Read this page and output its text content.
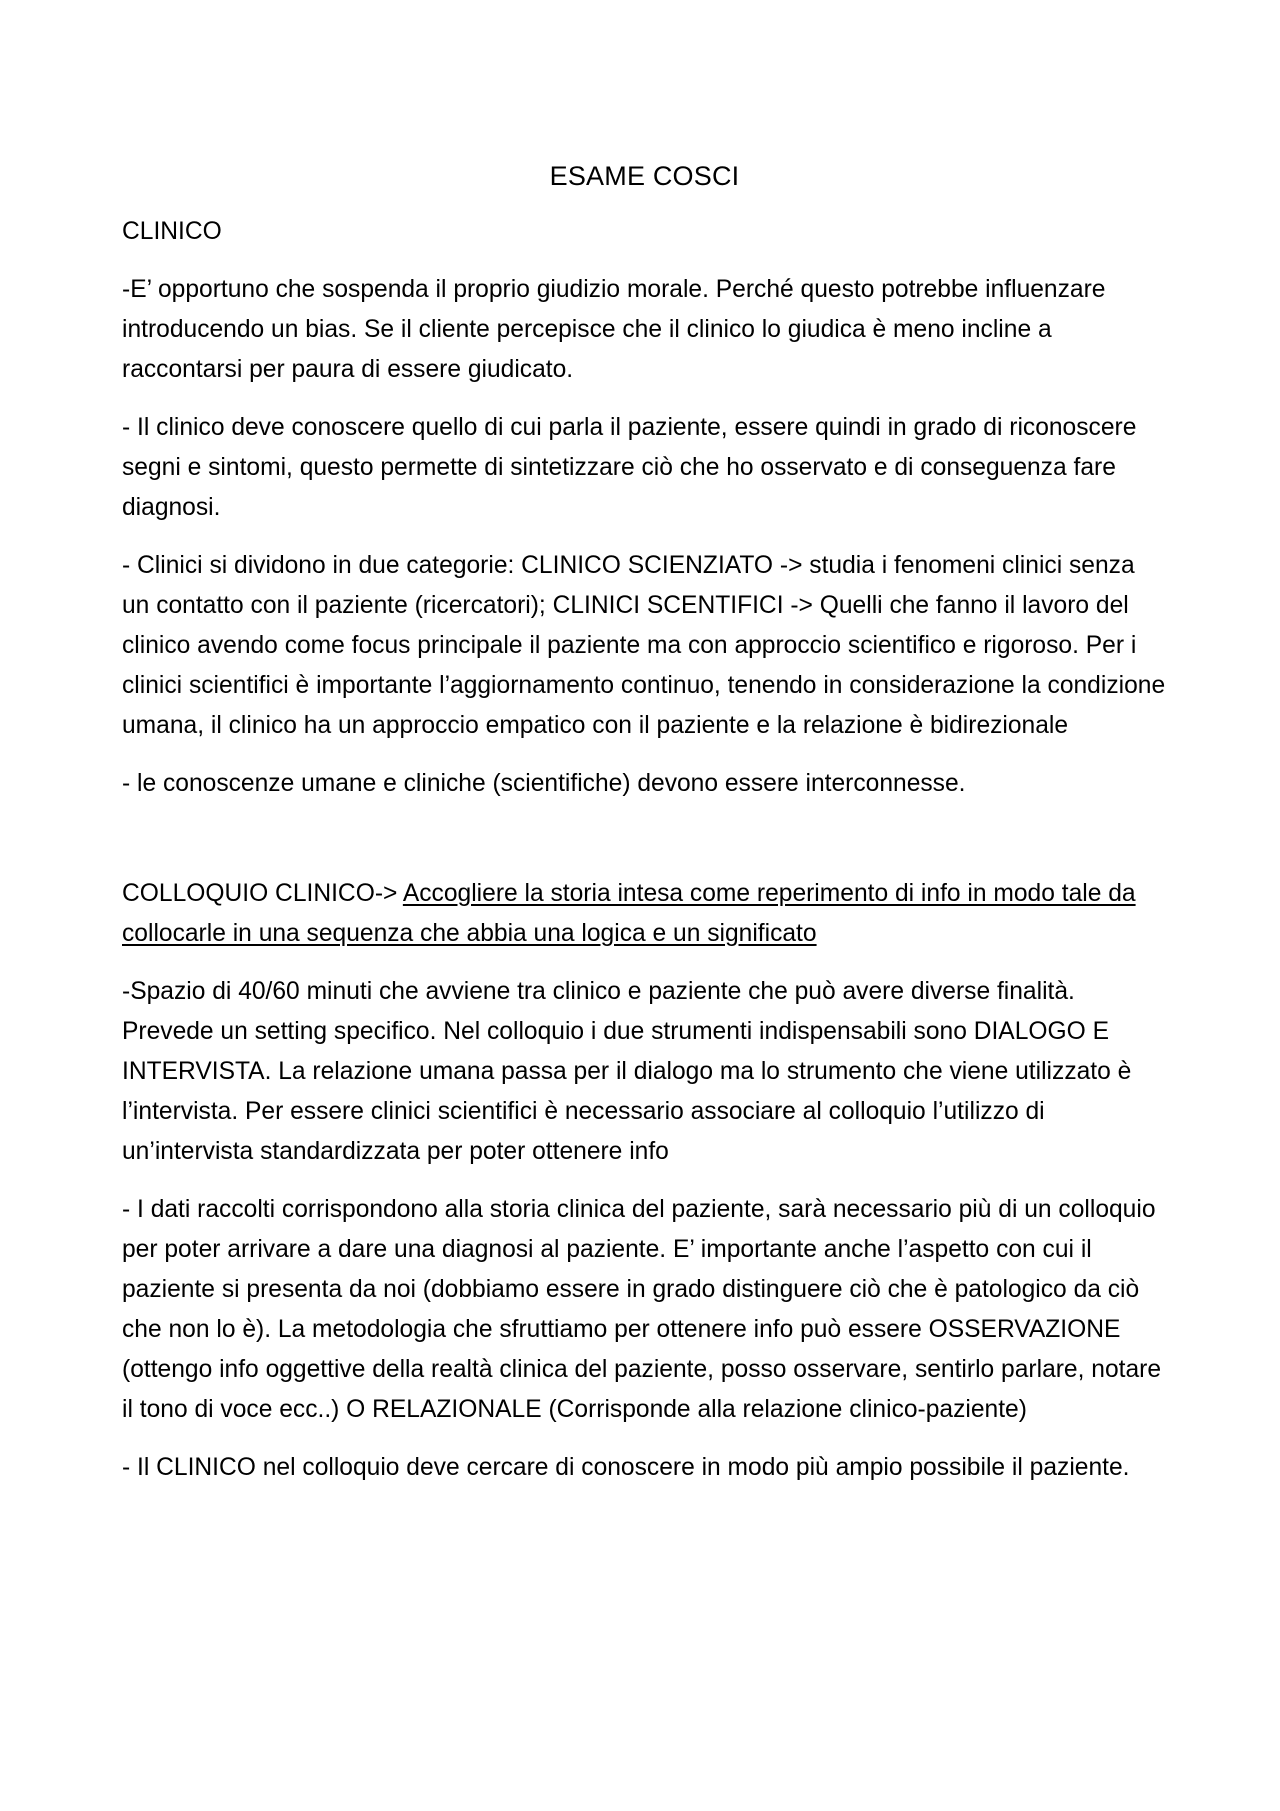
ESAME COSCI
CLINICO

-E’ opportuno che sospenda il proprio giudizio morale. Perché questo potrebbe influenzare introducendo un bias. Se il cliente percepisce che il clinico lo giudica è meno incline a raccontarsi per paura di essere giudicato.

- Il clinico deve conoscere quello di cui parla il paziente, essere quindi in grado di riconoscere segni e sintomi, questo permette di sintetizzare ciò che ho osservato e di conseguenza fare diagnosi.

- Clinici si dividono in due categorie: CLINICO SCIENZIATO -> studia i fenomeni clinici senza un contatto con il paziente (ricercatori); CLINICI SCENTIFICI -> Quelli che fanno il lavoro del clinico avendo come focus principale il paziente ma con approccio scientifico e rigoroso. Per i clinici scientifici è importante l’aggiornamento continuo, tenendo in considerazione la condizione umana, il clinico ha un approccio empatico con il paziente e la relazione è bidirezionale

- le conoscenze umane e cliniche (scientifiche) devono essere interconnesse.

COLLOQUIO CLINICO-> Accogliere la storia intesa come reperimento di info in modo tale da collocarle in una sequenza che abbia una logica e un significato

-Spazio di 40/60 minuti che avviene tra clinico e paziente che può avere diverse finalità. Prevede un setting specifico. Nel colloquio i due strumenti indispensabili sono DIALOGO E INTERVISTA. La relazione umana passa per il dialogo ma lo strumento che viene utilizzato è l’intervista. Per essere clinici scientifici è necessario associare al colloquio l’utilizzo di un’intervista standardizzata per poter ottenere info

- I dati raccolti corrispondono alla storia clinica del paziente, sarà necessario più di un colloquio per poter arrivare a dare una diagnosi al paziente. E’ importante anche l’aspetto con cui il paziente si presenta da noi (dobbiamo essere in grado distinguere ciò che è patologico da ciò che non lo è). La metodologia che sfruttiamo per ottenere info può essere OSSERVAZIONE (ottengo info oggettive della realtà clinica del paziente, posso osservare, sentirlo parlare, notare il tono di voce ecc..) O RELAZIONALE (Corrisponde alla relazione clinico-paziente)

- Il CLINICO nel colloquio deve cercare di conoscere in modo più ampio possibile il paziente.
